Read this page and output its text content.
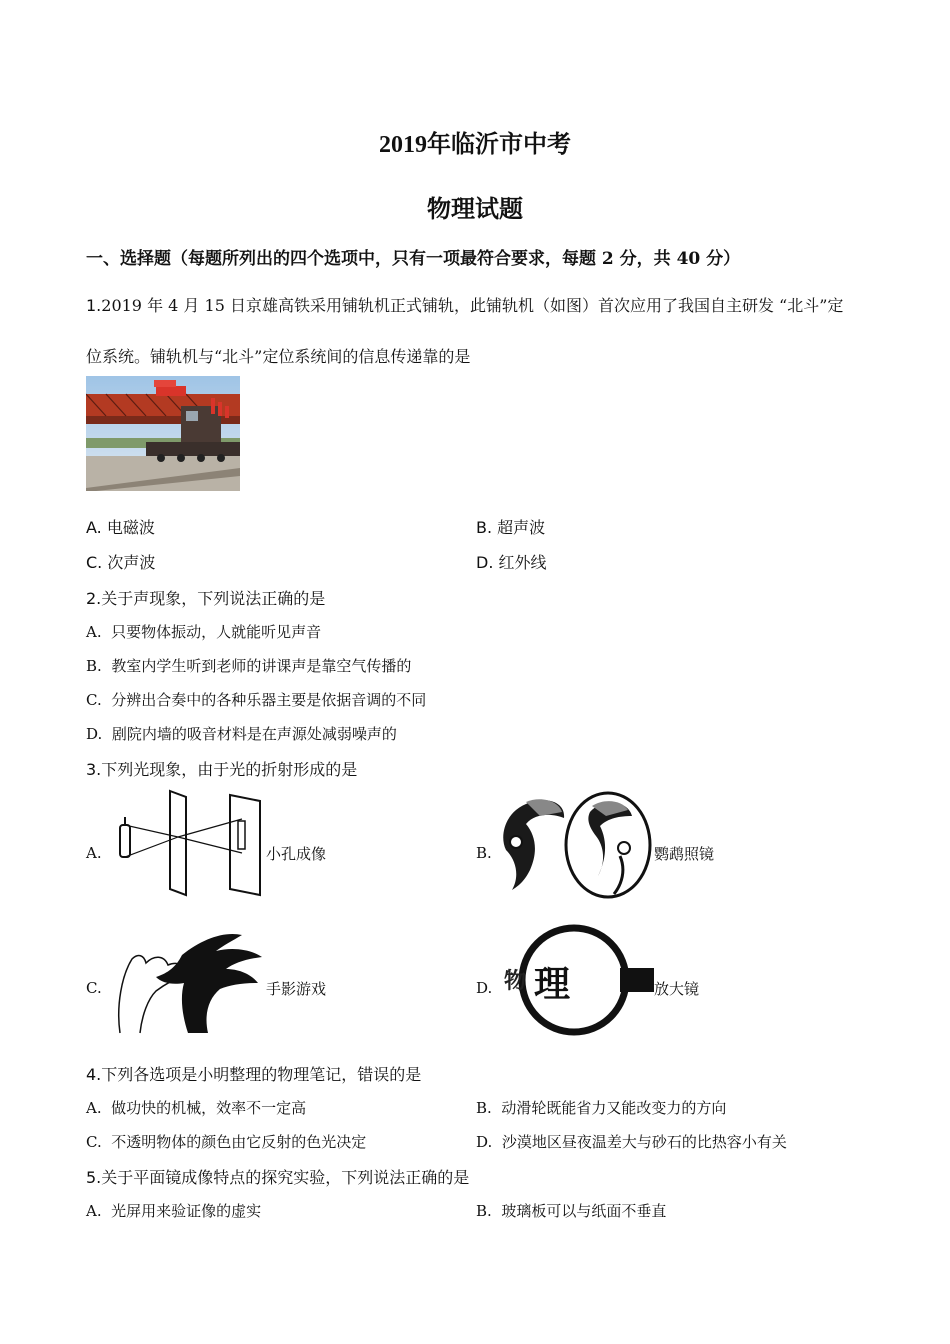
2019年临沂市中考
物理试题
一、选择题（每题所列出的四个选项中，只有一项最符合要求，每题 2 分，共 40 分）
1.2019 年 4 月 15 日京雄高铁采用铺轨机正式铺轨，此铺轨机（如图）首次应用了我国自主研发 “北斗”定
位系统。铺轨机与“北斗”定位系统间的信息传递靠的是
A. 电磁波	B. 超声波
C. 次声波	D. 红外线
2.关于声现象，下列说法正确的是
A. 只要物体振动，人就能听见声音
B. 教室内学生听到老师的讲课声是靠空气传播的
C. 分辨出合奏中的各种乐器主要是依据音调的不同
D. 剧院内墙的吸音材料是在声源处减弱噪声的
3.下列光现象，由于光的折射形成的是
A.	小孔成像	B.	鹦鹉照镜
C.	手影游戏	D. 物 理	放大镜
4.下列各选项是小明整理的物理笔记，错误的是
A. 做功快的机械，效率不一定高	B. 动滑轮既能省力又能改变力的方向
C. 不透明物体的颜色由它反射的色光决定	D. 沙漠地区昼夜温差大与砂石的比热容小有关
5.关于平面镜成像特点的探究实验，下列说法正确的是
A. 光屏用来验证像的虚实	B. 玻璃板可以与纸面不垂直
